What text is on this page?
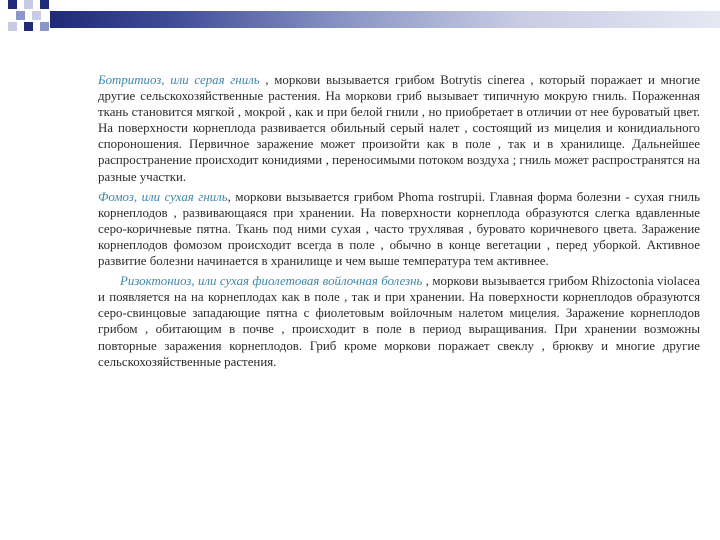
Ботритиоз, или серая гниль , моркови вызывается грибом Botrytis cinerea , который поражает и многие другие сельскохозяйственные растения. На моркови гриб вызывает типичную мокрую гниль. Пораженная ткань становится мягкой , мокрой , как и при белой гнили , но приобретает в отличии от нее буроватый цвет. На поверхности корнеплода развивается обильный серый налет , состоящий из мицелия и конидиального спороношения. Первичное заражение может произойти как в поле , так и в хранилище. Дальнейшее распространение происходит конидиями , переносимыми потоком воздуха ; гниль может распространятся на разные участки.

Фомоз, или сухая гниль, моркови вызывается грибом Phoma rostrupii. Главная форма болезни - сухая гниль корнеплодов , развивающаяся при хранении. На поверхности корнеплода образуются слегка вдавленные серо-коричневые пятна. Ткань под ними сухая , часто трухлявая , буровато коричневого цвета. Заражение корнеплодов фомозом происходит всегда в поле , обычно в конце вегетации , перед уборкой. Активное развитие болезни начинается в хранилище и чем выше температура тем активнее.

Ризоктониоз, или сухая фиолетовая войлочная болезнь , моркови вызывается грибом Rhizoctonia violacea и появляется на на корнеплодах как в поле , так и при хранении. На поверхности корнеплодов образуются серо-свинцовые западающие пятна с фиолетовым войлочным налетом мицелия. Заражение корнеплодов грибом , обитающим в почве , происходит в поле в период выращивания. При хранении возможны повторные заражения корнеплодов. Гриб кроме моркови поражает свеклу , брюкву и многие другие сельскохозяйственные растения.
